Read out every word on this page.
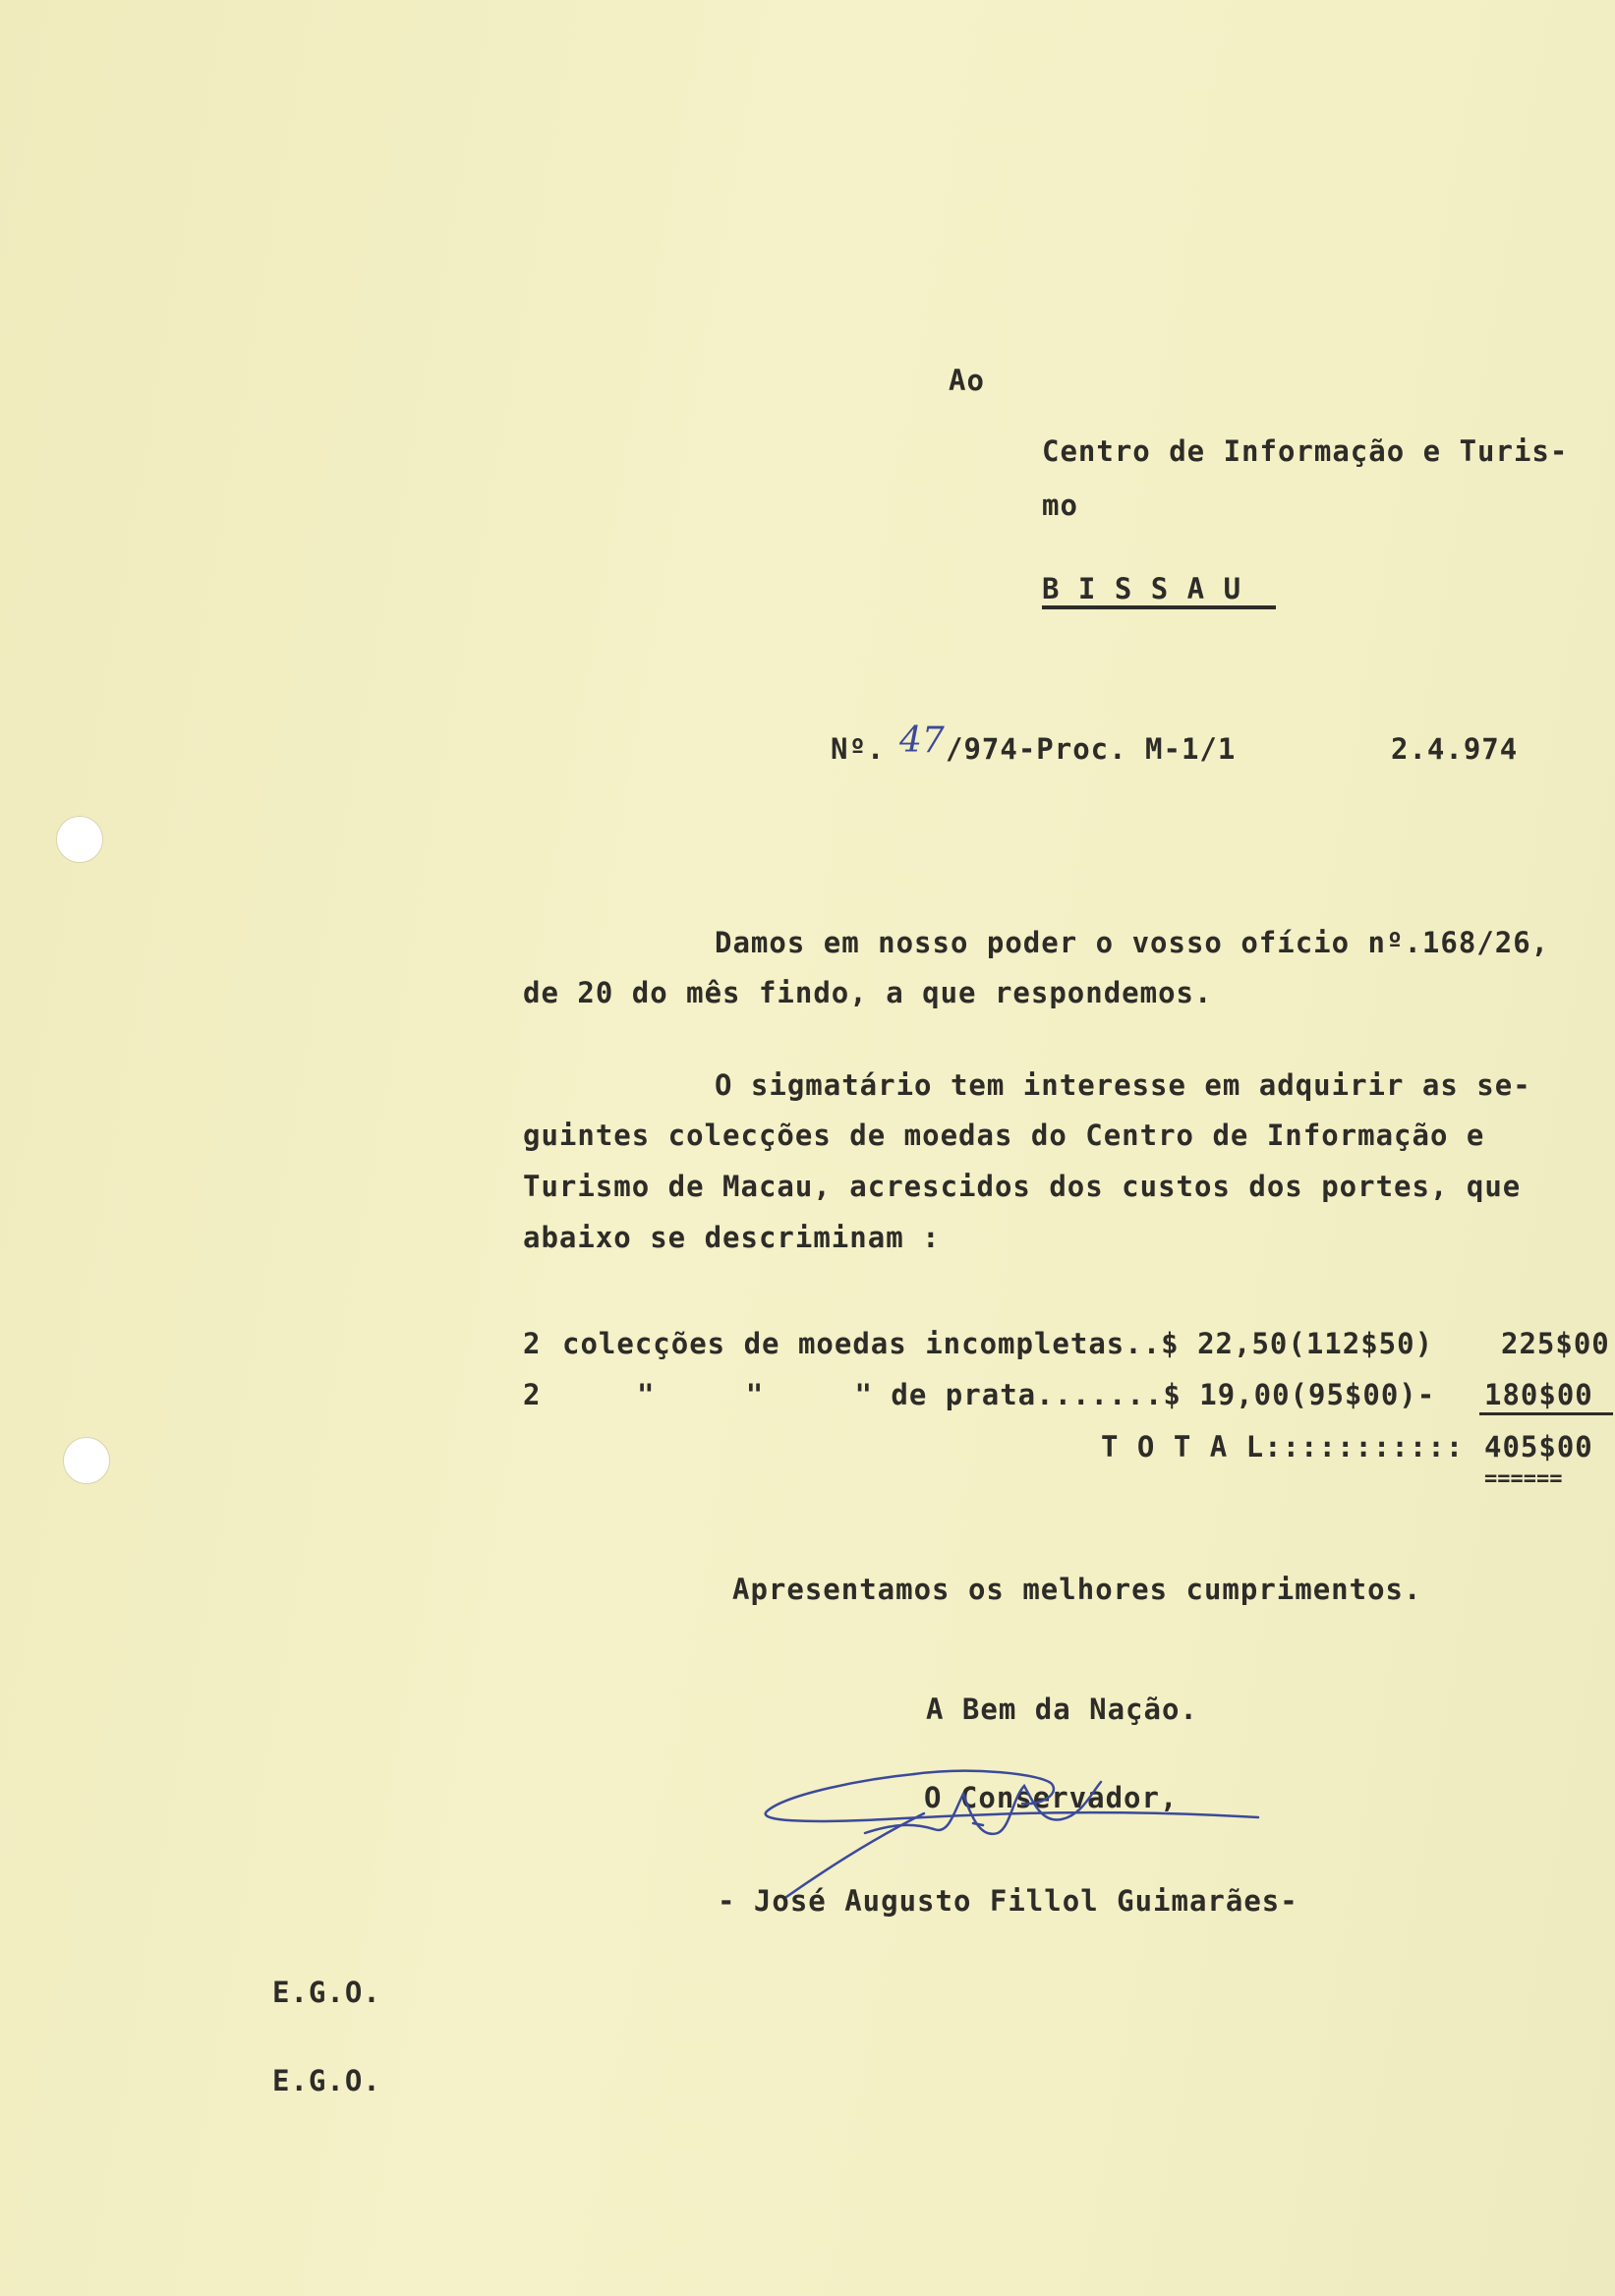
Ao
Centro de Informação e Turis-
mo
B I S S A U
Nº. 47 /974-Proc. M-1/1	2.4.974
Damos em nosso poder o vosso ofício nº.168/26,
de 20 do mês findo, a que respondemos.
O sigmatário tem interesse em adquirir as se-
guintes colecções de moedas do Centro de Informação e
Turismo de Macau, acrescidos dos custos dos portes, que
abaixo se descriminam :
2 colecções de moedas incompletas..$ 22,50(112$50) 225$00
2	"     "     " de prata.......$ 19,00(95$00)- 180$00
T O T A L::::::::::: 405$00
======
Apresentamos os melhores cumprimentos.
A Bem da Nação.
O Conservador,
- José Augusto Fillol Guimarães-
E.G.O.
E.G.O.
